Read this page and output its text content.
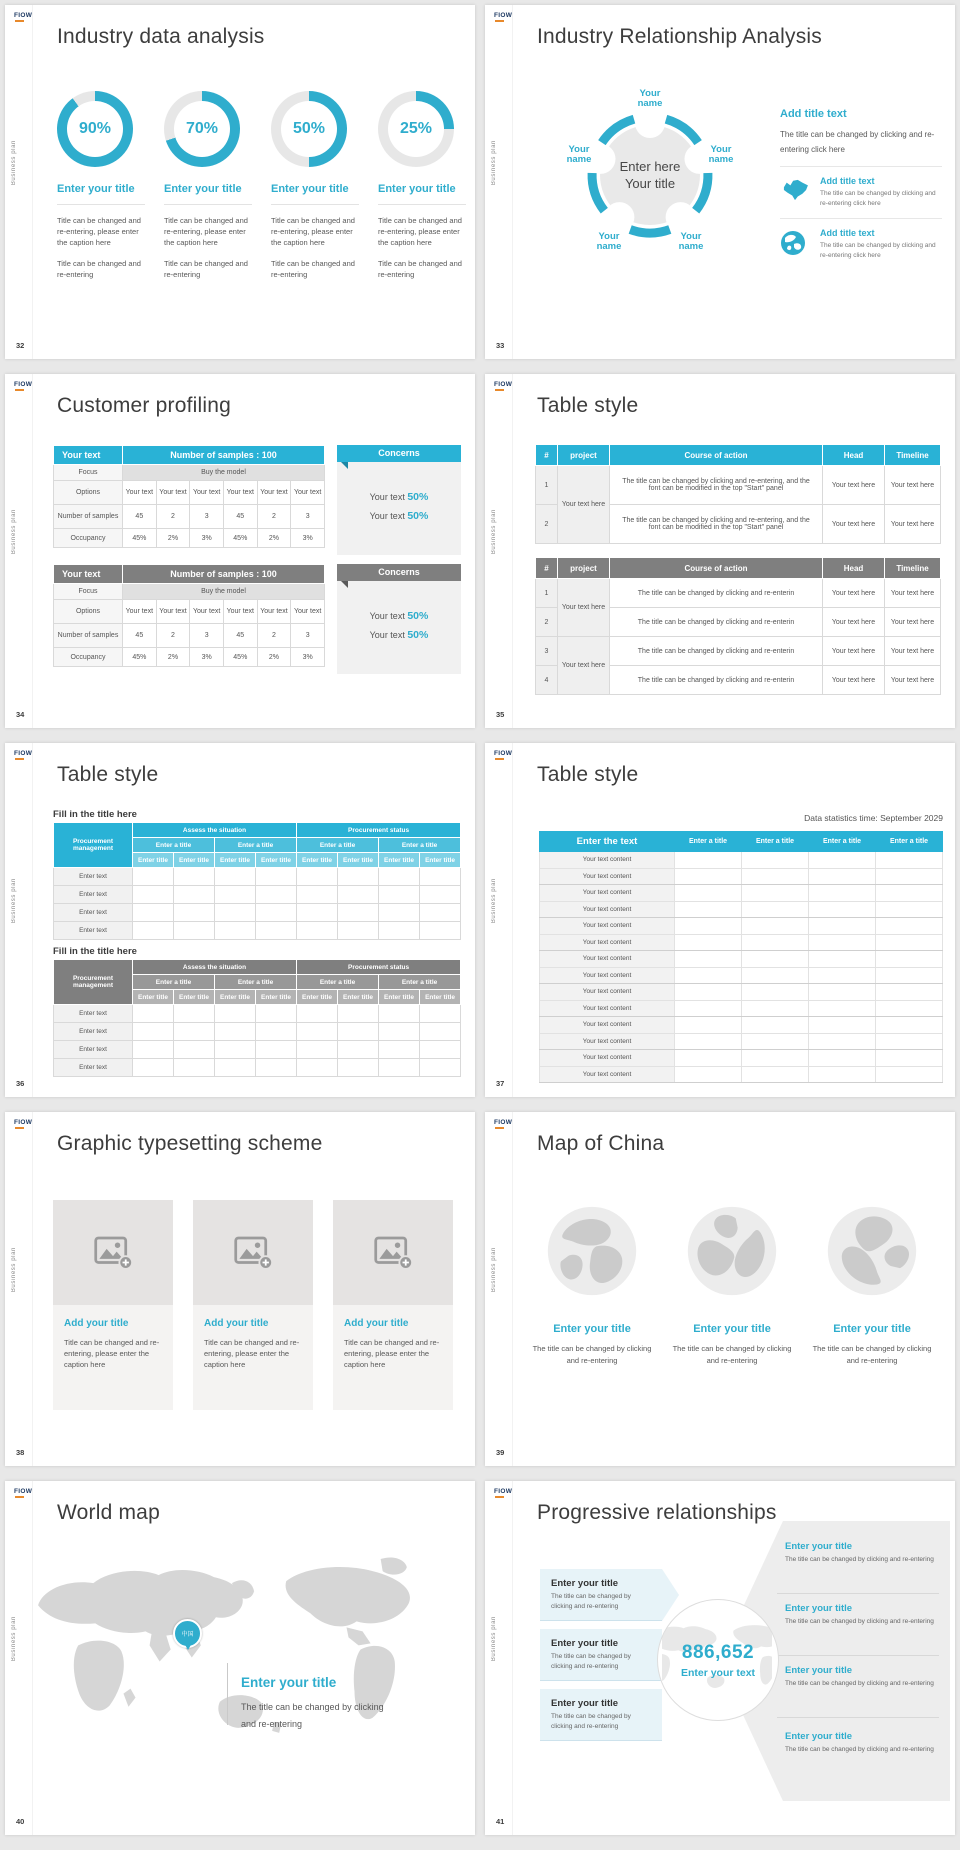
FIOW
Business plan
32
Industry data analysis
90%
Enter your title
Title can be changed and re-entering, please enter the caption here
Title can be changed and re-entering
70%
Enter your title
Title can be changed and re-entering, please enter the caption here
Title can be changed and re-entering
50%
Enter your title
Title can be changed and re-entering, please enter the caption here
Title can be changed and re-entering
25%
Enter your title
Title can be changed and re-entering, please enter the caption here
Title can be changed and re-entering
FIOW
Business plan
33
Industry Relationship Analysis
Enter here
Your title
Your name
Your name
Your name
Your name
Your name
Add title text
The title can be changed by clicking and re-entering click here
Add title text
The title can be changed by clicking and re-entering click here
Add title text
The title can be changed by clicking and re-entering click here
FIOW
Business plan
34
Customer profiling
Your text	Number of samples : 100					
Focus	Buy the model					
Options	Your text	Your text	Your text	Your text	Your text	Your text
Number of samples	45	2	3	45	2	3
Occupancy	45%	2%	3%	45%	2%	3%
Concerns
Your text 50%
Your text 50%
Your text	Number of samples : 100					
Focus	Buy the model					
Options	Your text	Your text	Your text	Your text	Your text	Your text
Number of samples	45	2	3	45	2	3
Occupancy	45%	2%	3%	45%	2%	3%
Concerns
Your text 50%
Your text 50%
FIOW
Business plan
35
Table style
#	project	Course of action	Head	Timeline
1	Your text here	The title can be changed by clicking and re-entering, and the font can be modified in the top "Start" panel	Your text here	Your text here
2		The title can be changed by clicking and re-entering, and the font can be modified in the top "Start" panel	Your text here	Your text here
#	project	Course of action	Head	Timeline
1	Your text here	The title can be changed by clicking and re-enterin	Your text here	Your text here
2		The title can be changed by clicking and re-enterin	Your text here	Your text here
3	Your text here	The title can be changed by clicking and re-enterin	Your text here	Your text here
4		The title can be changed by clicking and re-enterin	Your text here	Your text here
FIOW
Business plan
36
Table style
Fill in the title here
Procurement management	Assess the situation				Procurement status			
	Enter a title		Enter a title		Enter a title		Enter a title	
	Enter title	Enter title	Enter title	Enter title	Enter title	Enter title	Enter title	Enter title
Enter text								
Enter text								
Enter text								
Enter text								
Fill in the title here
Procurement management	Assess the situation				Procurement status			
	Enter a title		Enter a title		Enter a title		Enter a title	
	Enter title	Enter title	Enter title	Enter title	Enter title	Enter title	Enter title	Enter title
Enter text								
Enter text								
Enter text								
Enter text								
FIOW
Business plan
37
Table style
Data statistics time: September 2029
Enter the text	Enter a title	Enter a title	Enter a title	Enter a title
Your text content				
Your text content				
Your text content				
Your text content				
Your text content				
Your text content				
Your text content				
Your text content				
Your text content				
Your text content				
Your text content				
Your text content				
Your text content				
Your text content				
FIOW
Business plan
38
Graphic typesetting scheme
Add your title
Title can be changed and re-entering, please enter the caption here
Add your title
Title can be changed and re-entering, please enter the caption here
Add your title
Title can be changed and re-entering, please enter the caption here
FIOW
Business plan
39
Map of China
Enter your title
The title can be changed by clicking and re-entering
Enter your title
The title can be changed by clicking and re-entering
Enter your title
The title can be changed by clicking and re-entering
FIOW
Business plan
40
World map
中国
Enter your title
The title can be changed by clicking and re-entering
FIOW
Business plan
41
Progressive relationships
Enter your title
The title can be changed by clicking and re-entering
Enter your title
The title can be changed by clicking and re-entering
Enter your title
The title can be changed by clicking and re-entering
Enter your title
The title can be changed by clicking and re-entering
Enter your title
The title can be changed by clicking and re-entering
Enter your title
The title can be changed by clicking and re-entering
Enter your title
The title can be changed by clicking and re-entering
886,652
Enter your text
